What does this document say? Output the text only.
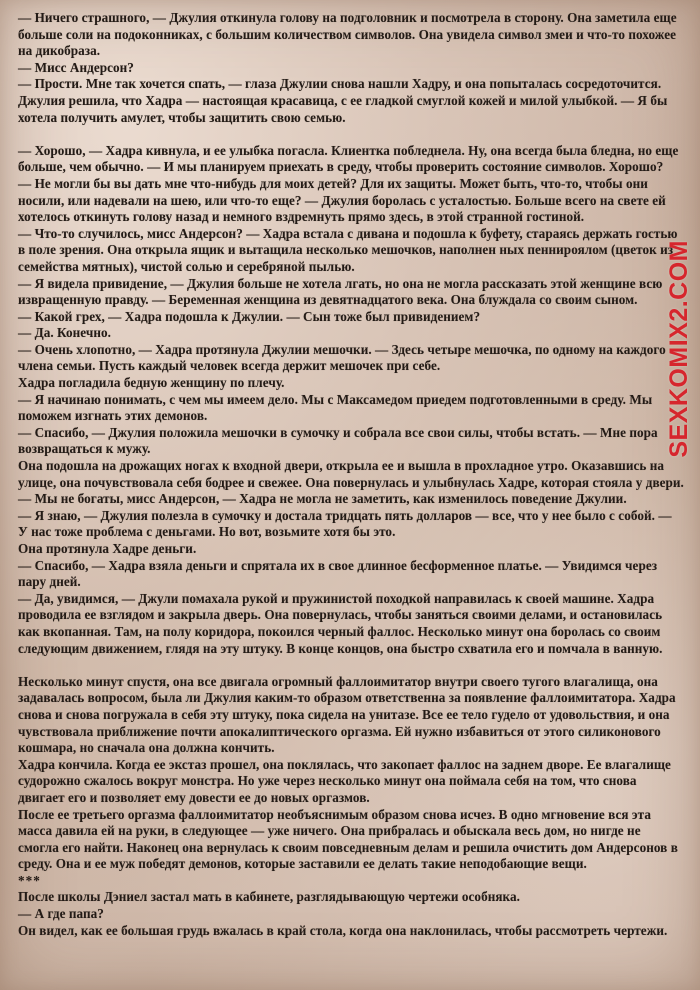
— Ничего страшного, — Джулия откинула голову на подголовник и посмотрела в сторону. Она заметила еще больше соли на подоконниках, с большим количеством символов. Она увидела символ змеи и что-то похожее на дикобраза.

— Мисс Андерсон?

— Прости. Мне так хочется спать, — глаза Джулии снова нашли Хадру, и она попыталась сосредоточится. Джулия решила, что Хадра — настоящая красавица, с ее гладкой смуглой кожей и милой улыбкой. — Я бы хотела получить амулет, чтобы защитить свою семью.

— Хорошо, — Хадра кивнула, и ее улыбка погасла. Клиентка побледнела. Ну, она всегда была бледна, но еще больше, чем обычно. — И мы планируем приехать в среду, чтобы проверить состояние символов. Хорошо?

— Не могли бы вы дать мне что-нибудь для моих детей? Для их защиты. Может быть, что-то, чтобы они носили, или надевали на шею, или что-то еще? — Джулия боролась с усталостью. Больше всего на свете ей хотелось откинуть голову назад и немного вздремнуть прямо здесь, в этой странной гостиной.

— Что-то случилось, мисс Андерсон? — Хадра встала с дивана и подошла к буфету, стараясь держать гостью в поле зрения. Она открыла ящик и вытащила несколько мешочков, наполнен ных пеннироялом (цветок из семейства мятных), чистой солью и серебряной пылью.

— Я видела привидение, — Джулия больше не хотела лгать, но она не могла рассказать этой женщине всю извращенную правду. — Беременная женщина из девятнадцатого века. Она блуждала со своим сыном.

— Какой грех, — Хадра подошла к Джулии. — Сын тоже был привидением?

— Да. Конечно.

— Очень хлопотно, — Хадра протянула Джулии мешочки. — Здесь четыре мешочка, по одному на каждого члена семьи. Пусть каждый человек всегда держит мешочек при себе.

Хадра погладила бедную женщину по плечу.

— Я начинаю понимать, с чем мы имеем дело. Мы с Максамедом приедем подготовленными в среду. Мы поможем изгнать этих демонов.

— Спасибо, — Джулия положила мешочки в сумочку и собрала все свои силы, чтобы встать. — Мне пора возвращаться к мужу.

Она подошла на дрожащих ногах к входной двери, открыла ее и вышла в прохладное утро. Оказавшись на улице, она почувствовала себя бодрее и свежее. Она повернулась и улыбнулась Хадре, которая стояла у двери.

— Мы не богаты, мисс Андерсон, — Хадра не могла не заметить, как изменилось поведение Джулии.

— Я знаю, — Джулия полезла в сумочку и достала тридцать пять долларов — все, что у нее было с собой. — У нас тоже проблема с деньгами. Но вот, возьмите хотя бы это.

Она протянула Хадре деньги.

— Спасибо, — Хадра взяла деньги и спрятала их в свое длинное бесформенное платье. — Увидимся через пару дней.

— Да, увидимся, — Джули помахала рукой и пружинистой походкой направилась к своей машине. Хадра проводила ее взглядом и закрыла дверь. Она повернулась, чтобы заняться своими делами, и остановилась как вкопанная. Там, на полу коридора, покоился черный фаллос. Несколько минут она боролась со своим следующим движением, глядя на эту штуку. В конце концов, она быстро схватила его и помчала в ванную.

Несколько минут спустя, она все двигала огромный фаллоимитатор внутри своего тугого влагалища, она задавалась вопросом, была ли Джулия каким-то образом ответственна за появление фаллоимитатора. Хадра снова и снова погружала в себя эту штуку, пока сидела на унитазе. Все ее тело гудело от удовольствия, и она чувствовала приближение почти апокалиптического оргазма. Ей нужно избавиться от этого силиконового кошмара, но сначала она должна кончить.

Хадра кончила. Когда ее экстаз прошел, она поклялась, что закопает фаллос на заднем дворе. Ее влагалище судорожно сжалось вокруг монстра. Но уже через несколько минут она поймала себя на том, что снова двигает его и позволяет ему довести ее до новых оргазмов.

После ее третьего оргазма фаллоимитатор необъяснимым образом снова исчез. В одно мгновение вся эта масса давила ей на руки, в следующее — уже ничего. Она прибралась и обыскала весь дом, но нигде не смогла его найти. Наконец она вернулась к своим повседневным делам и решила очистить дом Андерсонов в среду. Она и ее муж победят демонов, которые заставили ее делать такие неподобающие вещи.

***

После школы Дэниел застал мать в кабинете, разглядывающую чертежи особняка.

— А где папа?

Он видел, как ее большая грудь вжалась в край стола, когда она наклонилась, чтобы рассмотреть чертежи.

SEXKOMIX2.COM
